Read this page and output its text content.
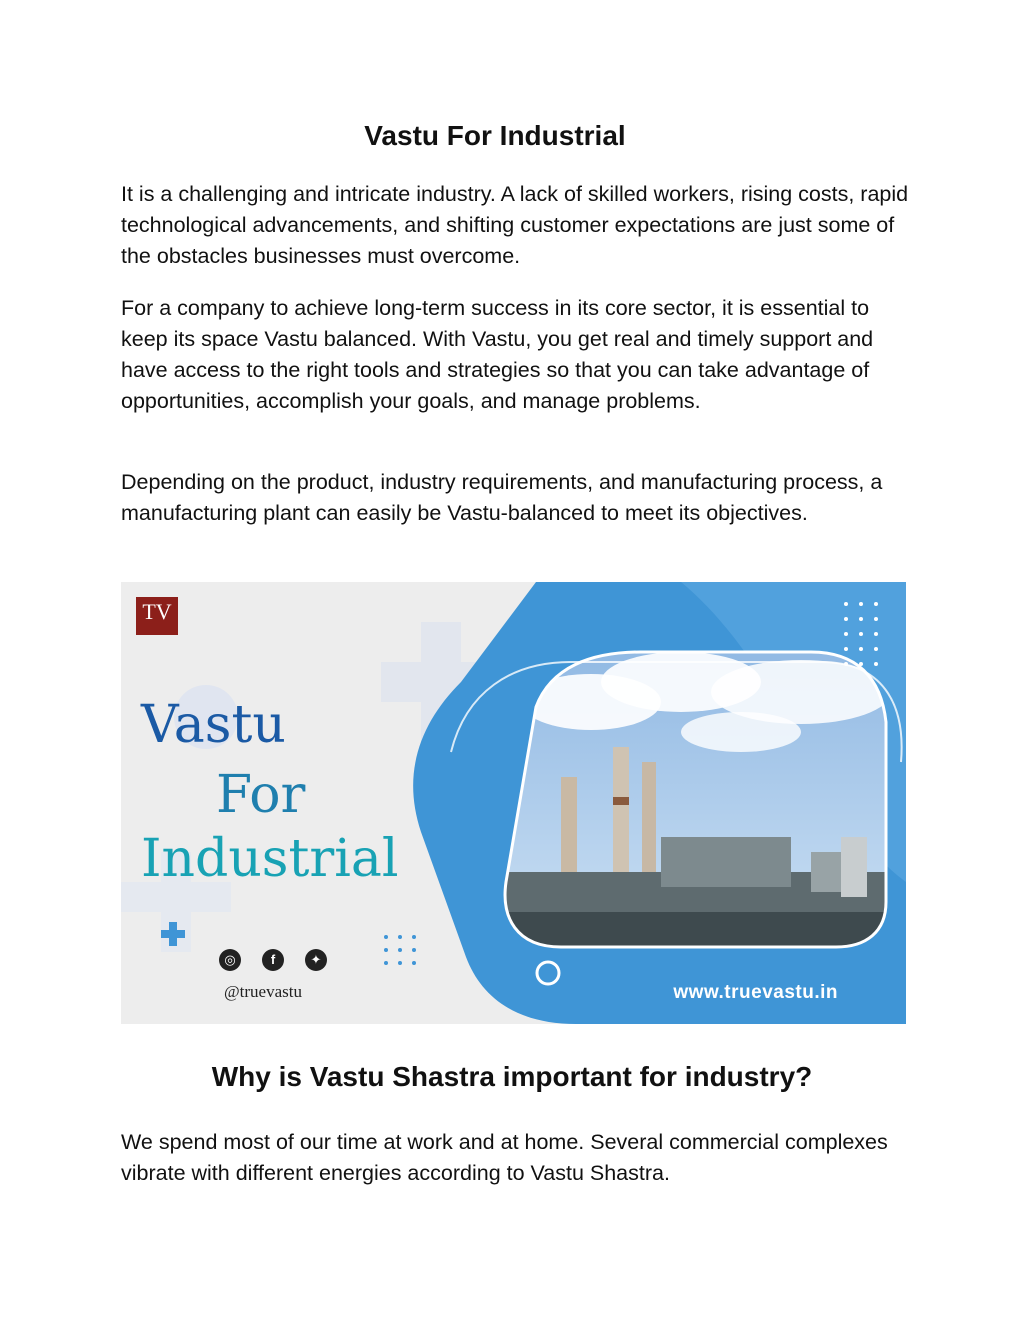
Vastu For Industrial

It is a challenging and intricate industry. A lack of skilled workers, rising costs, rapid technological advancements, and shifting customer expectations are just some of the obstacles businesses must overcome.

For a company to achieve long-term success in its core sector, it is essential to keep its space Vastu balanced. With Vastu, you get real and timely support and have access to the right tools and strategies so that you can take advantage of opportunities, accomplish your goals, and manage problems.

Depending on the product, industry requirements, and manufacturing process, a manufacturing plant can easily be Vastu-balanced to meet its objectives.

TV

Vastu

For

Industrial

◎	f	✦

@truevastu	www.truevastu.in

Why is Vastu Shastra important for industry?

We spend most of our time at work and at home. Several commercial complexes vibrate with different energies according to Vastu Shastra.
